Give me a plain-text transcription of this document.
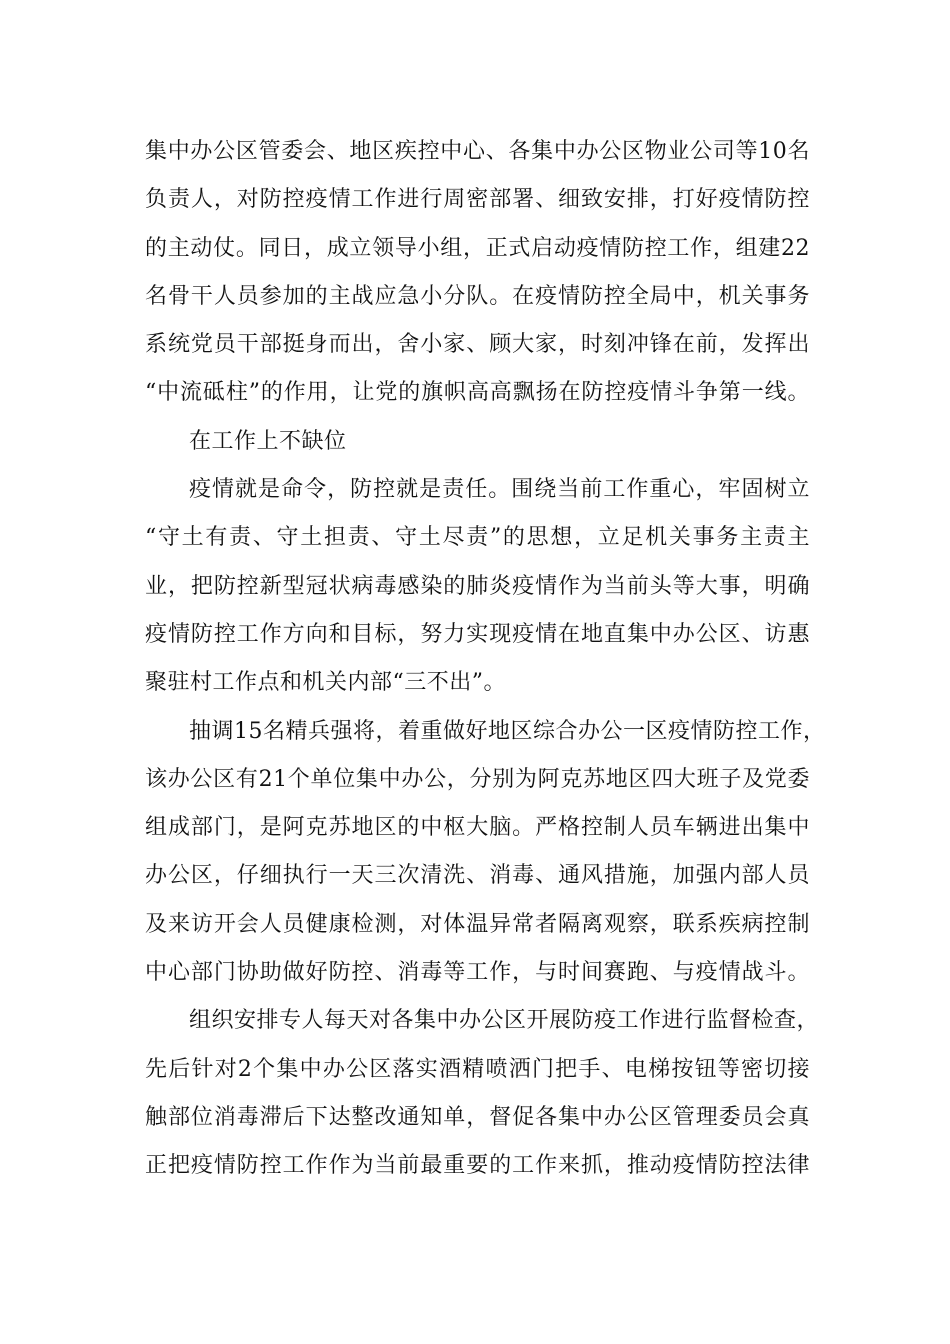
集中办公区管委会、地区疾控中心、各集中办公区物业公司等10名
负责人，对防控疫情工作进行周密部署、细致安排，打好疫情防控
的主动仗。同日，成立领导小组，正式启动疫情防控工作，组建22
名骨干人员参加的主战应急小分队。在疫情防控全局中，机关事务
系统党员干部挺身而出，舍小家、顾大家，时刻冲锋在前，发挥出
“中流砥柱”的作用，让党的旗帜高高飘扬在防控疫情斗争第一线。
在工作上不缺位
疫情就是命令，防控就是责任。围绕当前工作重心，牢固树立
“守土有责、守土担责、守土尽责”的思想，立足机关事务主责主
业，把防控新型冠状病毒感染的肺炎疫情作为当前头等大事，明确
疫情防控工作方向和目标，努力实现疫情在地直集中办公区、访惠
聚驻村工作点和机关内部“三不出”。
抽调15名精兵强将，着重做好地区综合办公一区疫情防控工作，
该办公区有21个单位集中办公，分别为阿克苏地区四大班子及党委
组成部门，是阿克苏地区的中枢大脑。严格控制人员车辆进出集中
办公区，仔细执行一天三次清洗、消毒、通风措施，加强内部人员
及来访开会人员健康检测，对体温异常者隔离观察，联系疾病控制
中心部门协助做好防控、消毒等工作，与时间赛跑、与疫情战斗。
组织安排专人每天对各集中办公区开展防疫工作进行监督检查，
先后针对2个集中办公区落实酒精喷洒门把手、电梯按钮等密切接
触部位消毒滞后下达整改通知单，督促各集中办公区管理委员会真
正把疫情防控工作作为当前最重要的工作来抓，推动疫情防控法律
